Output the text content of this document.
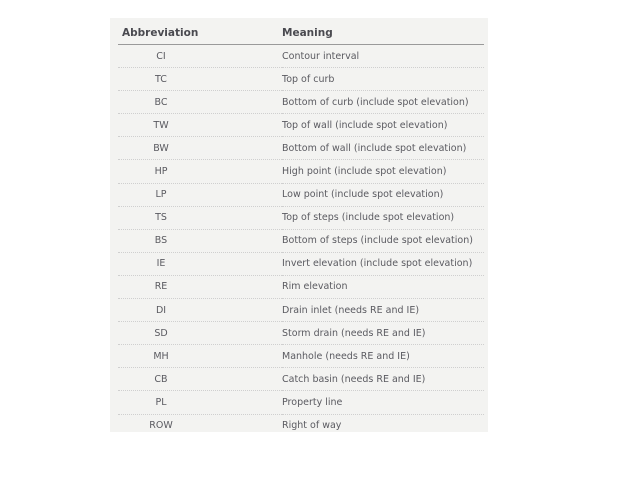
Abbreviation	Meaning
CI	Contour interval
TC	Top of curb
BC	Bottom of curb (include spot elevation)
TW	Top of wall (include spot elevation)
BW	Bottom of wall (include spot elevation)
HP	High point (include spot elevation)
LP	Low point (include spot elevation)
TS	Top of steps (include spot elevation)
BS	Bottom of steps (include spot elevation)
IE	Invert elevation (include spot elevation)
RE	Rim elevation
DI	Drain inlet (needs RE and IE)
SD	Storm drain (needs RE and IE)
MH	Manhole (needs RE and IE)
CB	Catch basin (needs RE and IE)
PL	Property line
ROW	Right of way
